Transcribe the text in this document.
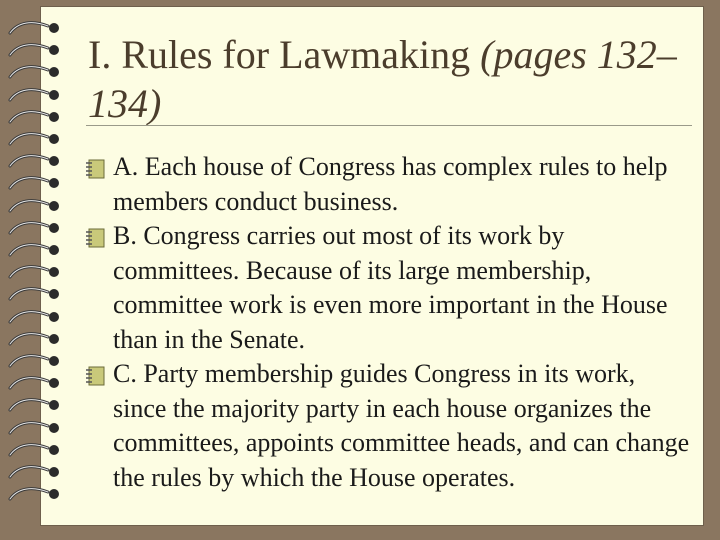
I. Rules for Lawmaking (pages 132–134)
A. Each house of Congress has complex rules to help members conduct business.
B. Congress carries out most of its work by committees. Because of its large membership, committee work is even more important in the House than in the Senate.
C. Party membership guides Congress in its work, since the majority party in each house organizes the committees, appoints committee heads, and can change the rules by which the House operates.
